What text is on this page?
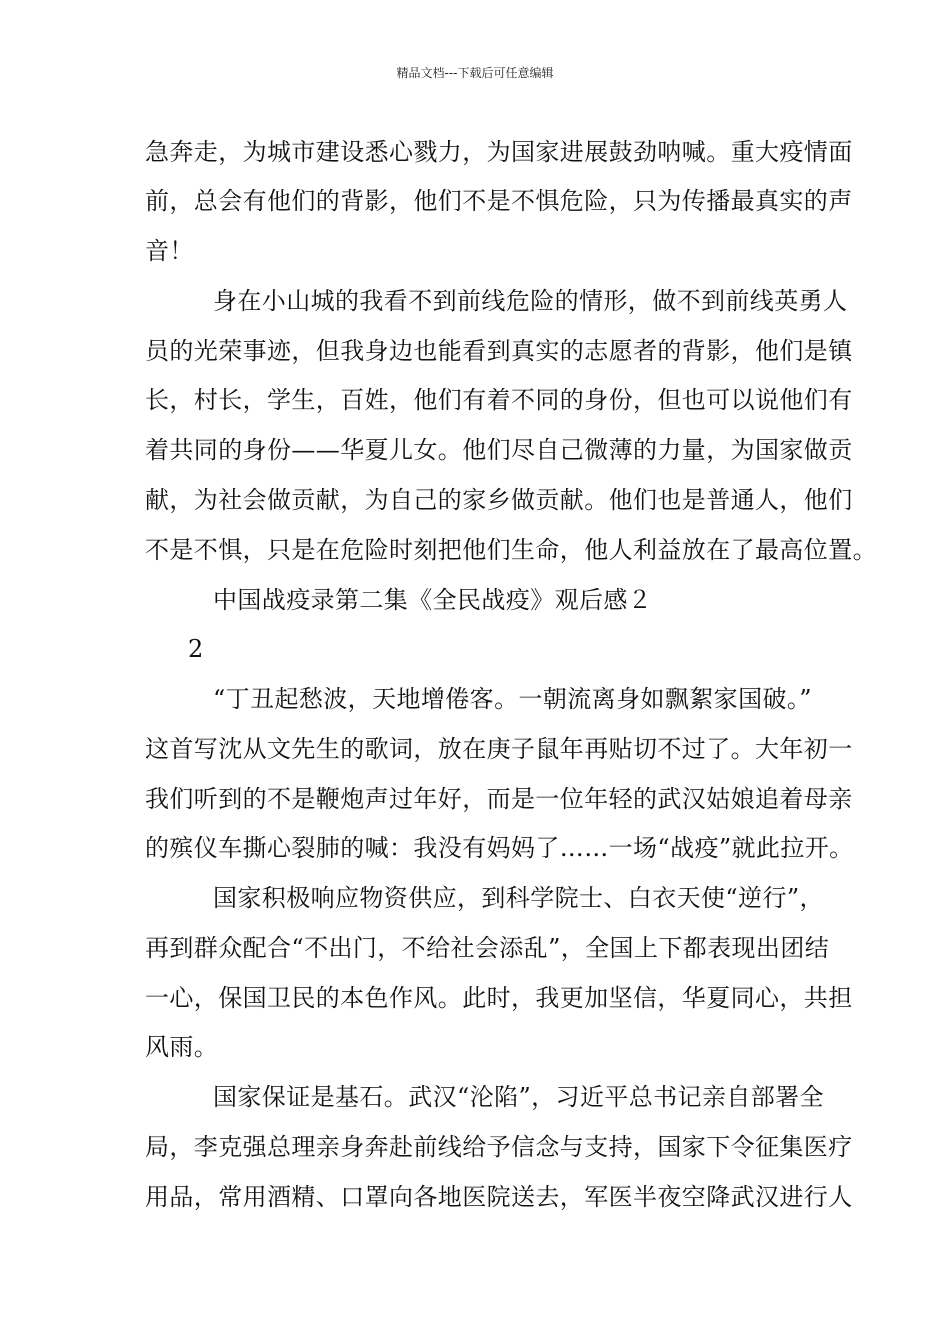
精品文档---下载后可任意编辑
急奔走，为城市建设悉心戮力，为国家进展鼓劲呐喊。重大疫情面
前，总会有他们的背影，他们不是不惧危险，只为传播最真实的声
音！
身在小山城的我看不到前线危险的情形，做不到前线英勇人
员的光荣事迹，但我身边也能看到真实的志愿者的背影，他们是镇
长，村长，学生，百姓，他们有着不同的身份，但也可以说他们有
着共同的身份——华夏儿女。他们尽自己微薄的力量，为国家做贡
献，为社会做贡献，为自己的家乡做贡献。他们也是普通人，他们
不是不惧，只是在危险时刻把他们生命，他人利益放在了最高位置。
中国战疫录第二集《全民战疫》观后感２
2
“丁丑起愁波，天地增倦客。一朝流离身如飘絮家国破。”
这首写沈从文先生的歌词，放在庚子鼠年再贴切不过了。大年初一
我们听到的不是鞭炮声过年好，而是一位年轻的武汉姑娘追着母亲
的殡仪车撕心裂肺的喊：我没有妈妈了……一场“战疫”就此拉开。
国家积极响应物资供应，到科学院士、白衣天使“逆行”，
再到群众配合“不出门，不给社会添乱”，全国上下都表现出团结
一心，保国卫民的本色作风。此时，我更加坚信，华夏同心，共担
风雨。
国家保证是基石。武汉“沦陷”，习近平总书记亲自部署全
局，李克强总理亲身奔赴前线给予信念与支持，国家下令征集医疗
用品，常用酒精、口罩向各地医院送去，军医半夜空降武汉进行人
